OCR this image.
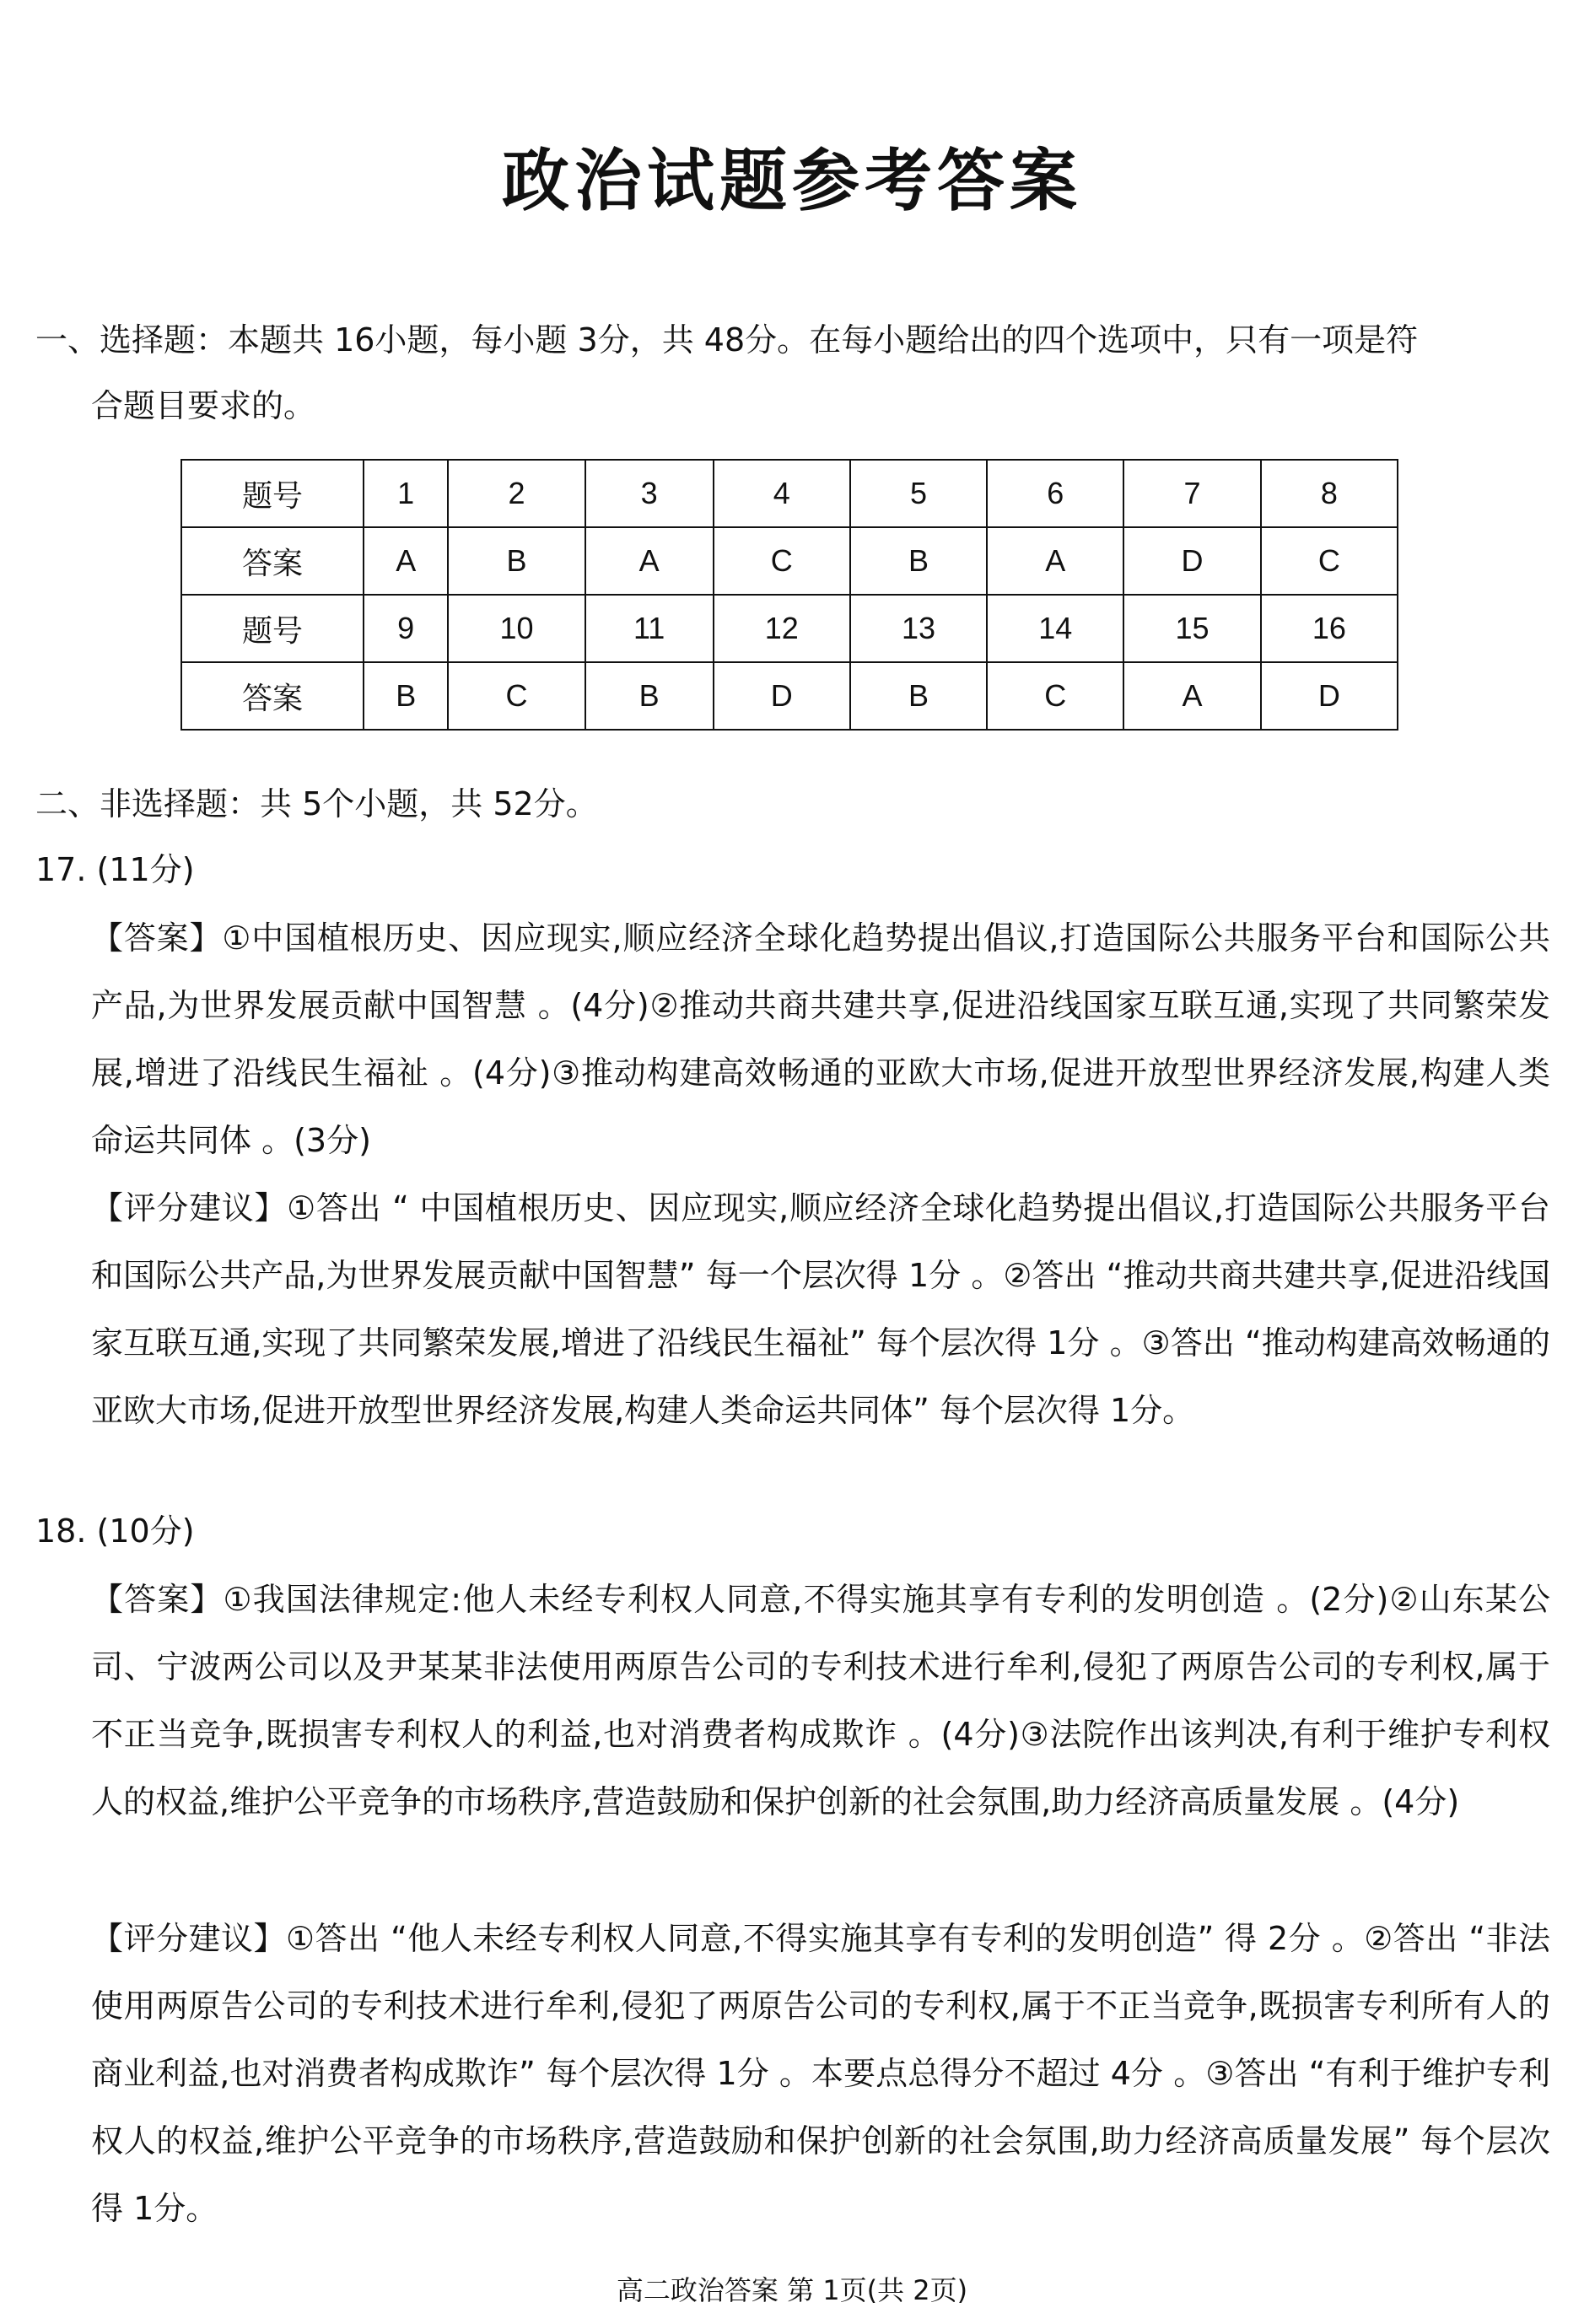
政治试题参考答案
一、选择题：本题共 16小题，每小题 3分，共 48分。在每小题给出的四个选项中，只有一项是符
合题目要求的。
题号	1	2	3	4	5	6	7	8
答案	A	B	A	C	B	A	D	C
题号	9	10	11	12	13	14	15	16
答案	B	C	B	D	B	C	A	D
二、非选择题：共 5个小题，共 52分。
17. (11分)
【答案】①中国植根历史、因应现实,顺应经济全球化趋势提出倡议,打造国际公共服务平台和国际公共产品,为世界发展贡献中国智慧 。(4分)②推动共商共建共享,促进沿线国家互联互通,实现了共同繁荣发展,增进了沿线民生福祉 。(4分)③推动构建高效畅通的亚欧大市场,促进开放型世界经济发展,构建人类命运共同体 。(3分)
【评分建议】①答出 “ 中国植根历史、因应现实,顺应经济全球化趋势提出倡议,打造国际公共服务平台和国际公共产品,为世界发展贡献中国智慧” 每一个层次得 1分 。②答出 “推动共商共建共享,促进沿线国家互联互通,实现了共同繁荣发展,增进了沿线民生福祉” 每个层次得 1分 。③答出 “推动构建高效畅通的亚欧大市场,促进开放型世界经济发展,构建人类命运共同体” 每个层次得 1分。
18. (10分)
【答案】①我国法律规定:他人未经专利权人同意,不得实施其享有专利的发明创造 。(2分)②山东某公司、宁波两公司以及尹某某非法使用两原告公司的专利技术进行牟利,侵犯了两原告公司的专利权,属于不正当竞争,既损害专利权人的利益,也对消费者构成欺诈 。(4分)③法院作出该判决,有利于维护专利权人的权益,维护公平竞争的市场秩序,营造鼓励和保护创新的社会氛围,助力经济高质量发展 。(4分)
【评分建议】①答出 “他人未经专利权人同意,不得实施其享有专利的发明创造” 得 2分 。②答出 “非法使用两原告公司的专利技术进行牟利,侵犯了两原告公司的专利权,属于不正当竞争,既损害专利所有人的商业利益,也对消费者构成欺诈” 每个层次得 1分 。本要点总得分不超过 4分 。③答出 “有利于维护专利权人的权益,维护公平竞争的市场秩序,营造鼓励和保护创新的社会氛围,助力经济高质量发展” 每个层次得 1分。
高二政治答案 第 1页(共 2页)
